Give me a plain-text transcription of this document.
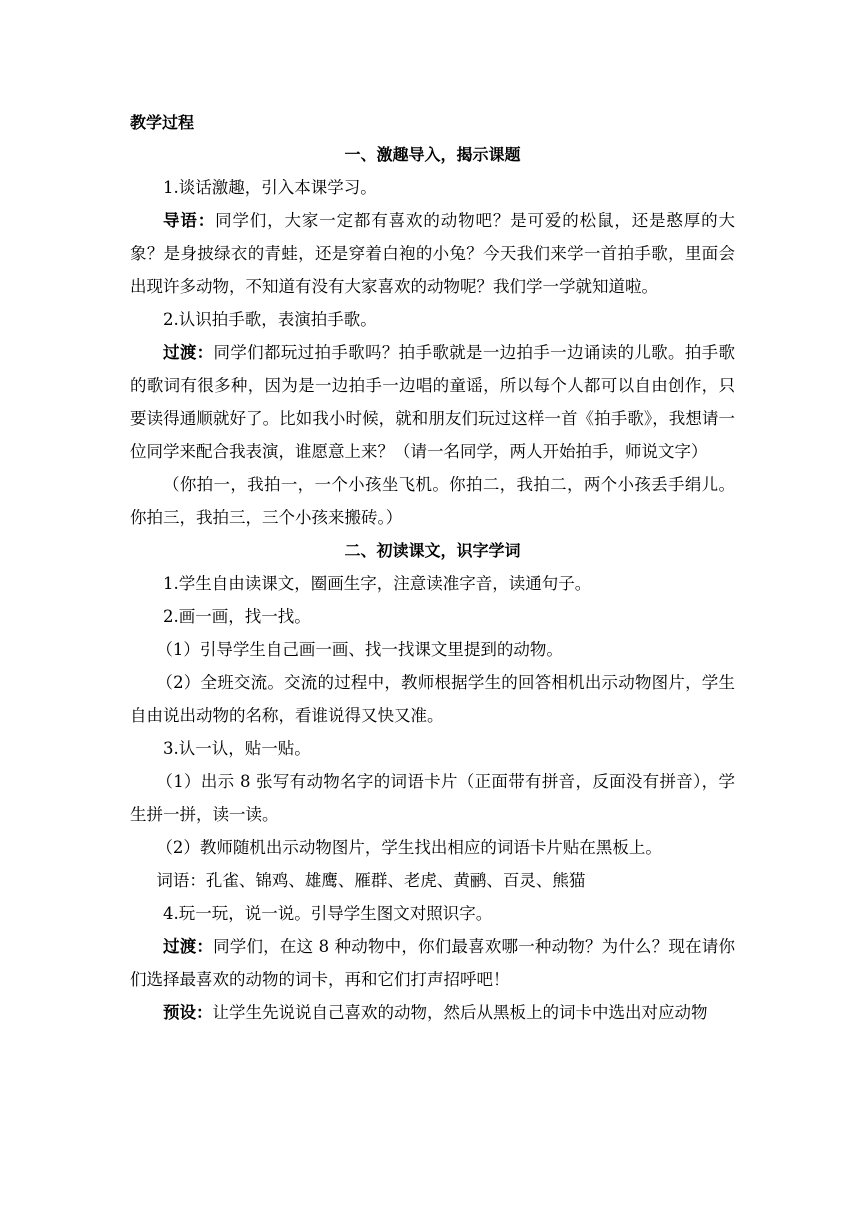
教学过程

一、激趣导入，揭示课题

1.谈话激趣，引入本课学习。

导语：同学们，大家一定都有喜欢的动物吧？是可爱的松鼠，还是憨厚的大象？是身披绿衣的青蛙，还是穿着白袍的小兔？今天我们来学一首拍手歌，里面会出现许多动物，不知道有没有大家喜欢的动物呢？我们学一学就知道啦。

2.认识拍手歌，表演拍手歌。

过渡：同学们都玩过拍手歌吗？拍手歌就是一边拍手一边诵读的儿歌。拍手歌的歌词有很多种，因为是一边拍手一边唱的童谣，所以每个人都可以自由创作，只要读得通顺就好了。比如我小时候，就和朋友们玩过这样一首《拍手歌》，我想请一位同学来配合我表演，谁愿意上来？（请一名同学，两人开始拍手，师说文字）

（你拍一，我拍一，一个小孩坐飞机。你拍二，我拍二，两个小孩丢手绢儿。你拍三，我拍三，三个小孩来搬砖。）

二、初读课文，识字学词

1.学生自由读课文，圈画生字，注意读准字音，读通句子。

2.画一画，找一找。

（1）引导学生自己画一画、找一找课文里提到的动物。

（2）全班交流。交流的过程中，教师根据学生的回答相机出示动物图片，学生自由说出动物的名称，看谁说得又快又准。

3.认一认，贴一贴。

（1）出示 8 张写有动物名字的词语卡片（正面带有拼音，反面没有拼音），学生拼一拼，读一读。

（2）教师随机出示动物图片，学生找出相应的词语卡片贴在黑板上。

词语：孔雀、锦鸡、雄鹰、雁群、老虎、黄鹂、百灵、熊猫

4.玩一玩，说一说。引导学生图文对照识字。

过渡：同学们，在这 8 种动物中，你们最喜欢哪一种动物？为什么？现在请你们选择最喜欢的动物的词卡，再和它们打声招呼吧！

预设：让学生先说说自己喜欢的动物，然后从黑板上的词卡中选出对应动物
